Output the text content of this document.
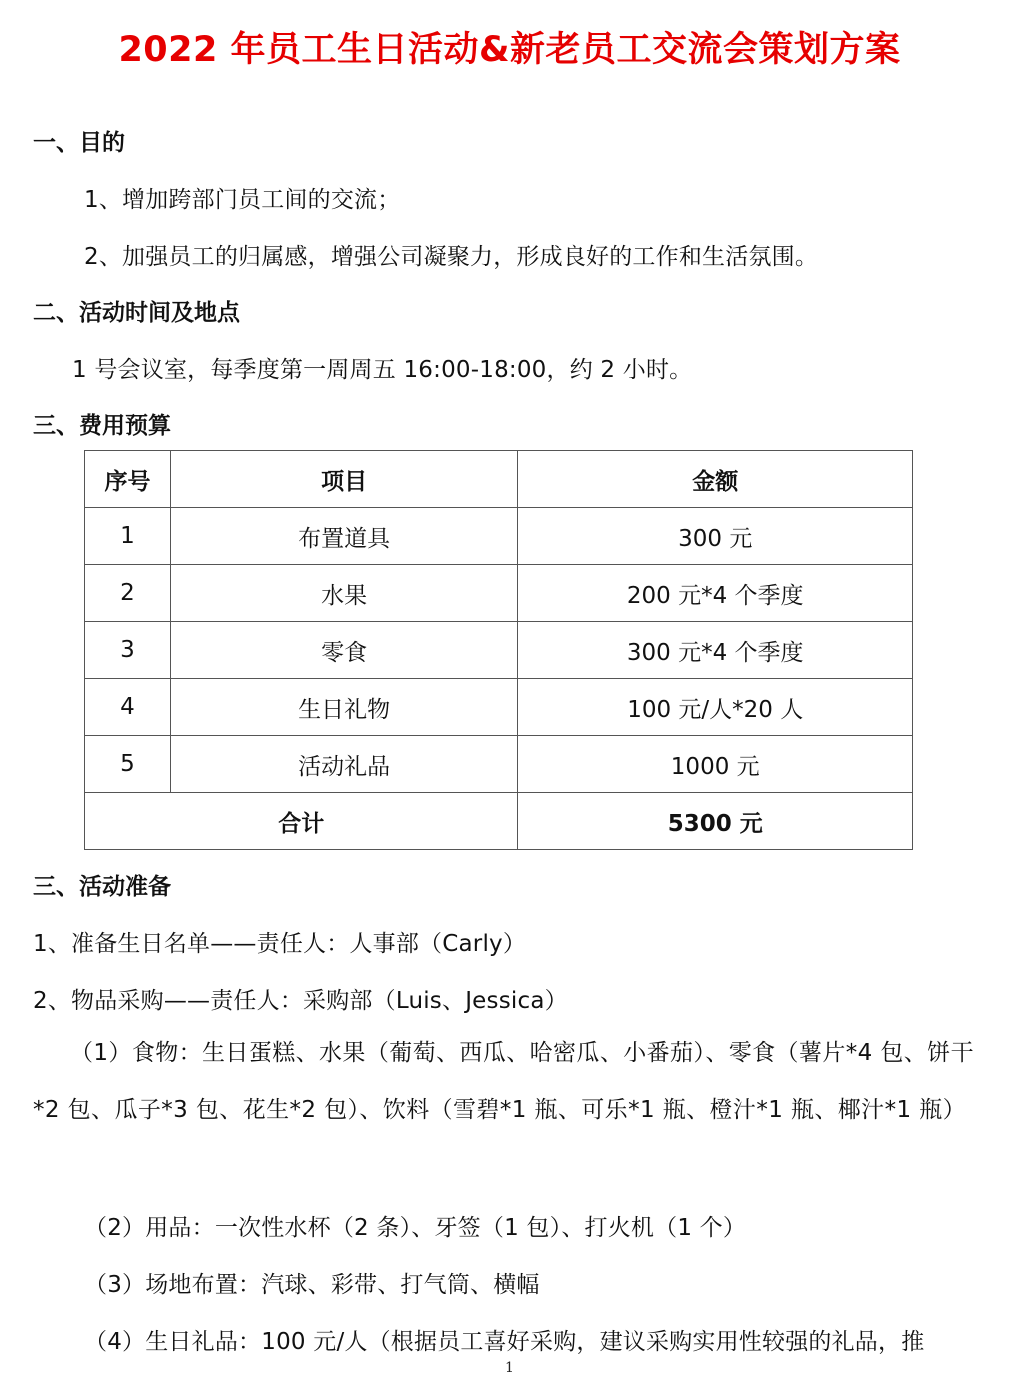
2022 年员工生日活动&新老员工交流会策划方案
一、目的
1、增加跨部门员工间的交流；
2、加强员工的归属感，增强公司凝聚力，形成良好的工作和生活氛围。
二、活动时间及地点
1 号会议室，每季度第一周周五 16:00-18:00，约 2 小时。
三、费用预算
序号	项目	金额
1	布置道具	300 元
2	水果	200 元*4 个季度
3	零食	300 元*4 个季度
4	生日礼物	100 元/人*20 人
5	活动礼品	1000 元
合计		5300 元
三、活动准备
1、准备生日名单——责任人：人事部（Carly）
2、物品采购——责任人：采购部（Luis、Jessica）
（1）食物：生日蛋糕、水果（葡萄、西瓜、哈密瓜、小番茄）、零食（薯片*4 包、饼干*2 包、瓜子*3 包、花生*2 包）、饮料（雪碧*1 瓶、可乐*1 瓶、橙汁*1 瓶、椰汁*1 瓶）
（2）用品：一次性水杯（2 条）、牙签（1 包）、打火机（1 个）
（3）场地布置：汽球、彩带、打气筒、横幅
（4）生日礼品：100 元/人（根据员工喜好采购，建议采购实用性较强的礼品，推
1
